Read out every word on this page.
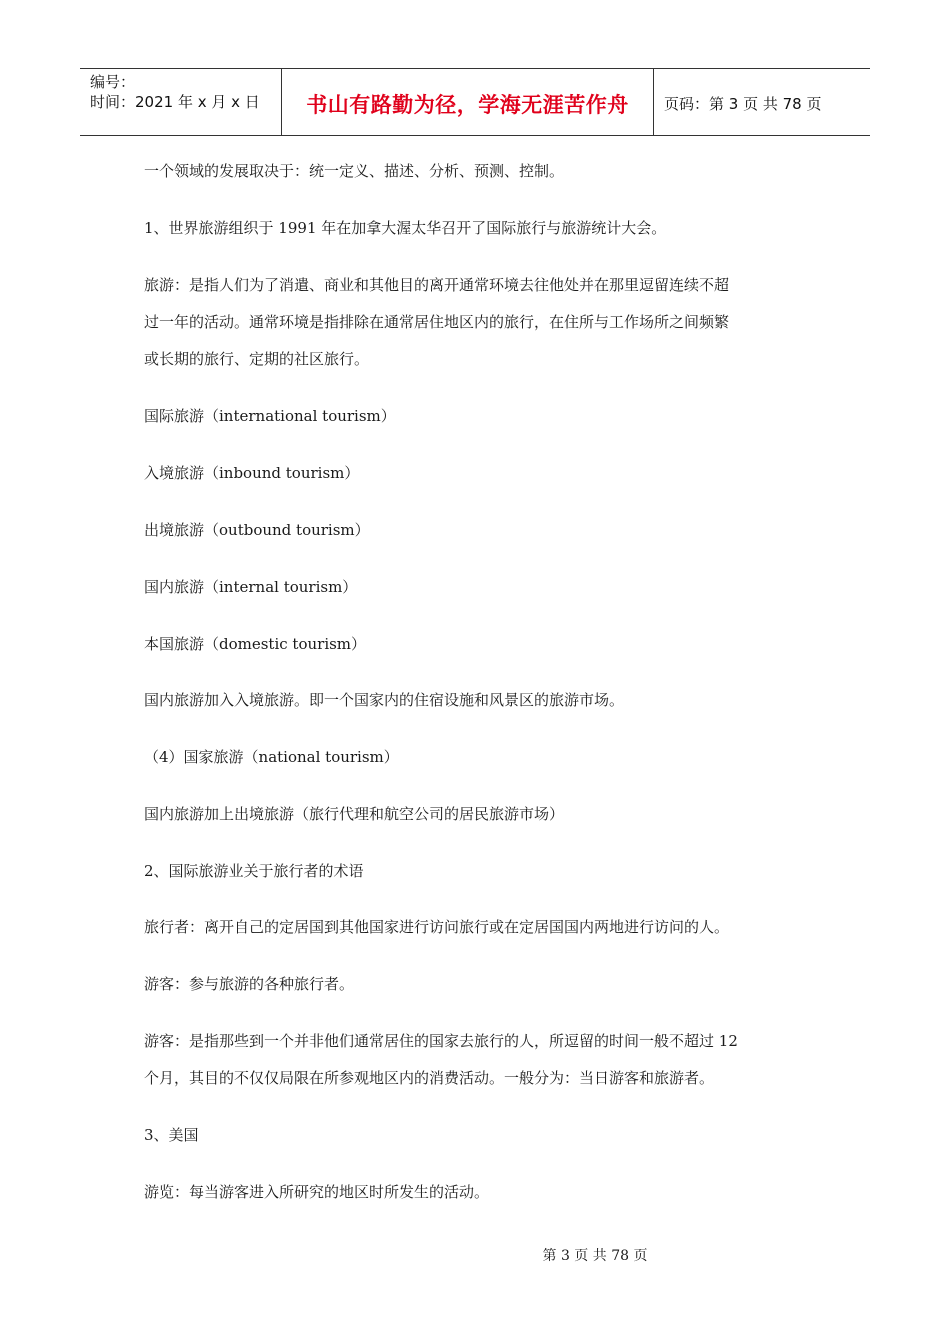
编号：
时间：2021 年 x 月 x 日	书山有路勤为径，学海无涯苦作舟	页码：第 3 页 共 78 页
一个领域的发展取决于：统一定义、描述、分析、预测、控制。
1、世界旅游组织于 1991 年在加拿大渥太华召开了国际旅行与旅游统计大会。
旅游：是指人们为了消遣、商业和其他目的离开通常环境去往他处并在那里逗留连续不超
过一年的活动。通常环境是指排除在通常居住地区内的旅行，在住所与工作场所之间频繁
或长期的旅行、定期的社区旅行。
国际旅游（international tourism）
入境旅游（inbound tourism）
出境旅游（outbound tourism）
国内旅游（internal tourism）
本国旅游（domestic tourism）
国内旅游加入入境旅游。即一个国家内的住宿设施和风景区的旅游市场。
（4）国家旅游（national tourism）
国内旅游加上出境旅游（旅行代理和航空公司的居民旅游市场）
2、国际旅游业关于旅行者的术语
旅行者：离开自己的定居国到其他国家进行访问旅行或在定居国国内两地进行访问的人。
游客：参与旅游的各种旅行者。
游客：是指那些到一个并非他们通常居住的国家去旅行的人，所逗留的时间一般不超过 12
个月，其目的不仅仅局限在所参观地区内的消费活动。一般分为：当日游客和旅游者。
3、美国
游览：每当游客进入所研究的地区时所发生的活动。
第 3 页 共 78 页
